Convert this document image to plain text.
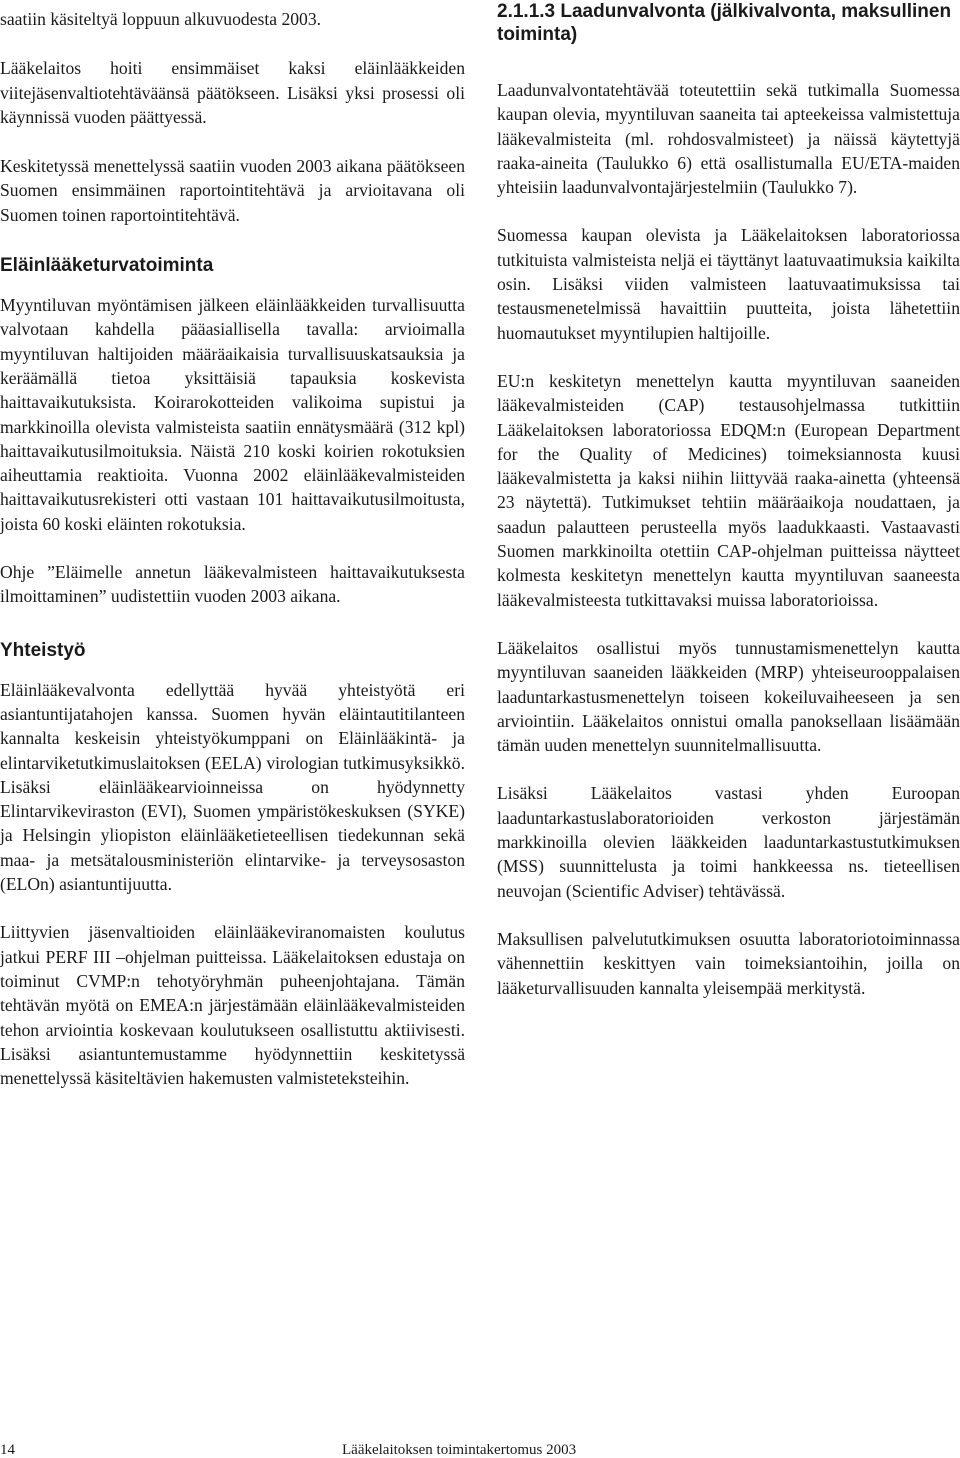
saatiin käsiteltyä loppuun alkuvuodesta 2003.

Lääkelaitos hoiti ensimmäiset kaksi eläinlääkkeiden viitejäsenvaltiotehtäväänsä päätökseen. Lisäksi yksi prosessi oli käynnissä vuoden päättyessä.

Keskitetyssä menettelyssä saatiin vuoden 2003 aikana päätökseen Suomen ensimmäinen raportointitehtävä ja arvioitavana oli Suomen toinen raportointitehtävä.

Eläinlääketurvatoiminta

Myyntiluvan myöntämisen jälkeen eläinlääkkeiden turvallisuutta valvotaan kahdella pääasiallisella tavalla: arvioimalla myyntiluvan haltijoiden määräaikaisia turvallisuuskatsauksia ja keräämällä tietoa yksittäisiä tapauksia koskevista haittavaikutuksista. Koirarokotteiden valikoima supistui ja markkinoilla olevista valmisteista saatiin ennätysmäärä (312 kpl) haittavaikutusilmoituksia. Näistä 210 koski koirien rokotuksien aiheuttamia reaktioita. Vuonna 2002 eläinlääkevalmisteiden haittavaikutusrekisteri otti vastaan 101 haittavaikutusilmoitusta, joista 60 koski eläinten rokotuksia.

Ohje ”Eläimelle annetun lääkevalmisteen haittavaikutuksesta ilmoittaminen” uudistettiin vuoden 2003 aikana.

Yhteistyö

Eläinlääkevalvonta edellyttää hyvää yhteistyötä eri asiantuntijatahojen kanssa. Suomen hyvän eläintautitilanteen kannalta keskeisin yhteistyökumppani on Eläinlääkintä- ja elintarviketutkimuslaitoksen (EELA) virologian tutkimusyksikkö. Lisäksi eläinlääkearvioinneissa on hyödynnetty Elintarvikeviraston (EVI), Suomen ympäristökeskuksen (SYKE) ja Helsingin yliopiston eläinlääketieteellisen tiedekunnan sekä maa- ja metsätalousministeriön elintarvike- ja terveysosaston (ELOn) asiantuntijuutta.

Liittyvien jäsenvaltioiden eläinlääkeviranomaisten koulutus jatkui PERF III –ohjelman puitteissa. Lääkelaitoksen edustaja on toiminut CVMP:n tehotyöryhmän puheenjohtajana. Tämän tehtävän myötä on EMEA:n järjestämään eläinlääkevalmisteiden tehon arviointia koskevaan koulutukseen osallistuttu aktiivisesti. Lisäksi asiantuntemustamme hyödynnettiin keskitetyssä menettelyssä käsiteltävien hakemusten valmisteteksteihin.

2.1.1.3 Laadunvalvonta (jälkivalvonta, maksullinen toiminta)

Laadunvalvontatehtävää toteutettiin sekä tutkimalla Suomessa kaupan olevia, myyntiluvan saaneita tai apteekeissa valmistettuja lääkevalmisteita (ml. rohdosvalmisteet) ja näissä käytettyjä raaka-aineita (Taulukko 6) että osallistumalla EU/ETA-maiden yhteisiin laadunvalvontajärjestelmiin (Taulukko 7).

Suomessa kaupan olevista ja Lääkelaitoksen laboratoriossa tutkituista valmisteista neljä ei täyttänyt laatuvaatimuksia kaikilta osin. Lisäksi viiden valmisteen laatuvaatimuksissa tai testausmenetelmissä havaittiin puutteita, joista lähetettiin huomautukset myyntilupien haltijoille.

EU:n keskitetyn menettelyn kautta myyntiluvan saaneiden lääkevalmisteiden (CAP) testausohjelmassa tutkittiin Lääkelaitoksen laboratoriossa EDQM:n (European Department for the Quality of Medicines) toimeksiannosta kuusi lääkevalmistetta ja kaksi niihin liittyvää raaka-ainetta (yhteensä 23 näytettä). Tutkimukset tehtiin määräaikoja noudattaen, ja saadun palautteen perusteella myös laadukkaasti. Vastaavasti Suomen markkinoilta otettiin CAP-ohjelman puitteissa näytteet kolmesta keskitetyn menettelyn kautta myyntiluvan saaneesta lääkevalmisteesta tutkittavaksi muissa laboratorioissa.

Lääkelaitos osallistui myös tunnustamismenettelyn kautta myyntiluvan saaneiden lääkkeiden (MRP) yhteiseurooppalaisen laaduntarkastusmenettelyn toiseen kokeiluvaiheeseen ja sen arviointiin. Lääkelaitos onnistui omalla panoksellaan lisäämään tämän uuden menettelyn suunnitelmallisuutta.

Lisäksi Lääkelaitos vastasi yhden Euroopan laaduntarkastuslaboratorioiden verkoston järjestämän markkinoilla olevien lääkkeiden laaduntarkastustutkimuksen (MSS) suunnittelusta ja toimi hankkeessa ns. tieteellisen neuvojan (Scientific Adviser) tehtävässä.

Maksullisen palvelututkimuksen osuutta laboratoriotoiminnassa vähennettiin keskittyen vain toimeksiantoihin, joilla on lääketurvallisuuden kannalta yleisempää merkitystä.

14	Lääkelaitoksen toimintakertomus 2003
